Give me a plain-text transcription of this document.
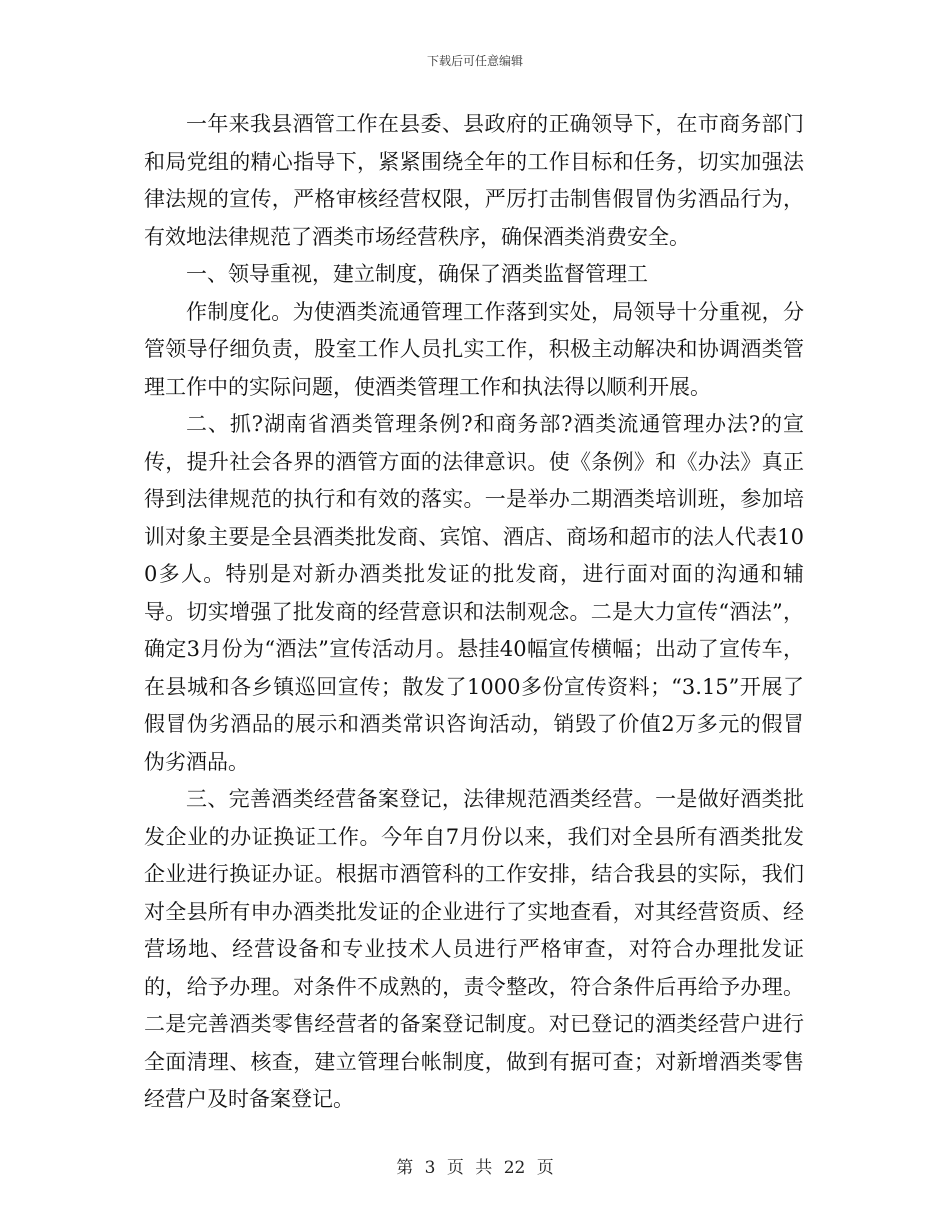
下载后可任意编辑

一年来我县酒管工作在县委、县政府的正确领导下，在市商务部门和局党组的精心指导下，紧紧围绕全年的工作目标和任务，切实加强法律法规的宣传，严格审核经营权限，严厉打击制售假冒伪劣酒品行为，有效地法律规范了酒类市场经营秩序，确保酒类消费安全。

一、领导重视，建立制度，确保了酒类监督管理工

作制度化。为使酒类流通管理工作落到实处，局领导十分重视，分管领导仔细负责，股室工作人员扎实工作，积极主动解决和协调酒类管理工作中的实际问题，使酒类管理工作和执法得以顺利开展。

二、抓?湖南省酒类管理条例?和商务部?酒类流通管理办法?的宣传，提升社会各界的酒管方面的法律意识。使《条例》和《办法》真正得到法律规范的执行和有效的落实。一是举办二期酒类培训班，参加培训对象主要是全县酒类批发商、宾馆、酒店、商场和超市的法人代表100多人。特别是对新办酒类批发证的批发商，进行面对面的沟通和辅导。切实增强了批发商的经营意识和法制观念。二是大力宣传“酒法”，确定3月份为“酒法”宣传活动月。悬挂40幅宣传横幅；出动了宣传车，在县城和各乡镇巡回宣传；散发了1000多份宣传资料；“3.15”开展了假冒伪劣酒品的展示和酒类常识咨询活动，销毁了价值2万多元的假冒伪劣酒品。

三、完善酒类经营备案登记，法律规范酒类经营。一是做好酒类批发企业的办证换证工作。今年自7月份以来，我们对全县所有酒类批发企业进行换证办证。根据市酒管科的工作安排，结合我县的实际，我们对全县所有申办酒类批发证的企业进行了实地查看，对其经营资质、经营场地、经营设备和专业技术人员进行严格审查，对符合办理批发证的，给予办理。对条件不成熟的，责令整改，符合条件后再给予办理。二是完善酒类零售经营者的备案登记制度。对已登记的酒类经营户进行全面清理、核查，建立管理台帐制度，做到有据可查；对新增酒类零售经营户及时备案登记。

第 3 页 共 22 页
